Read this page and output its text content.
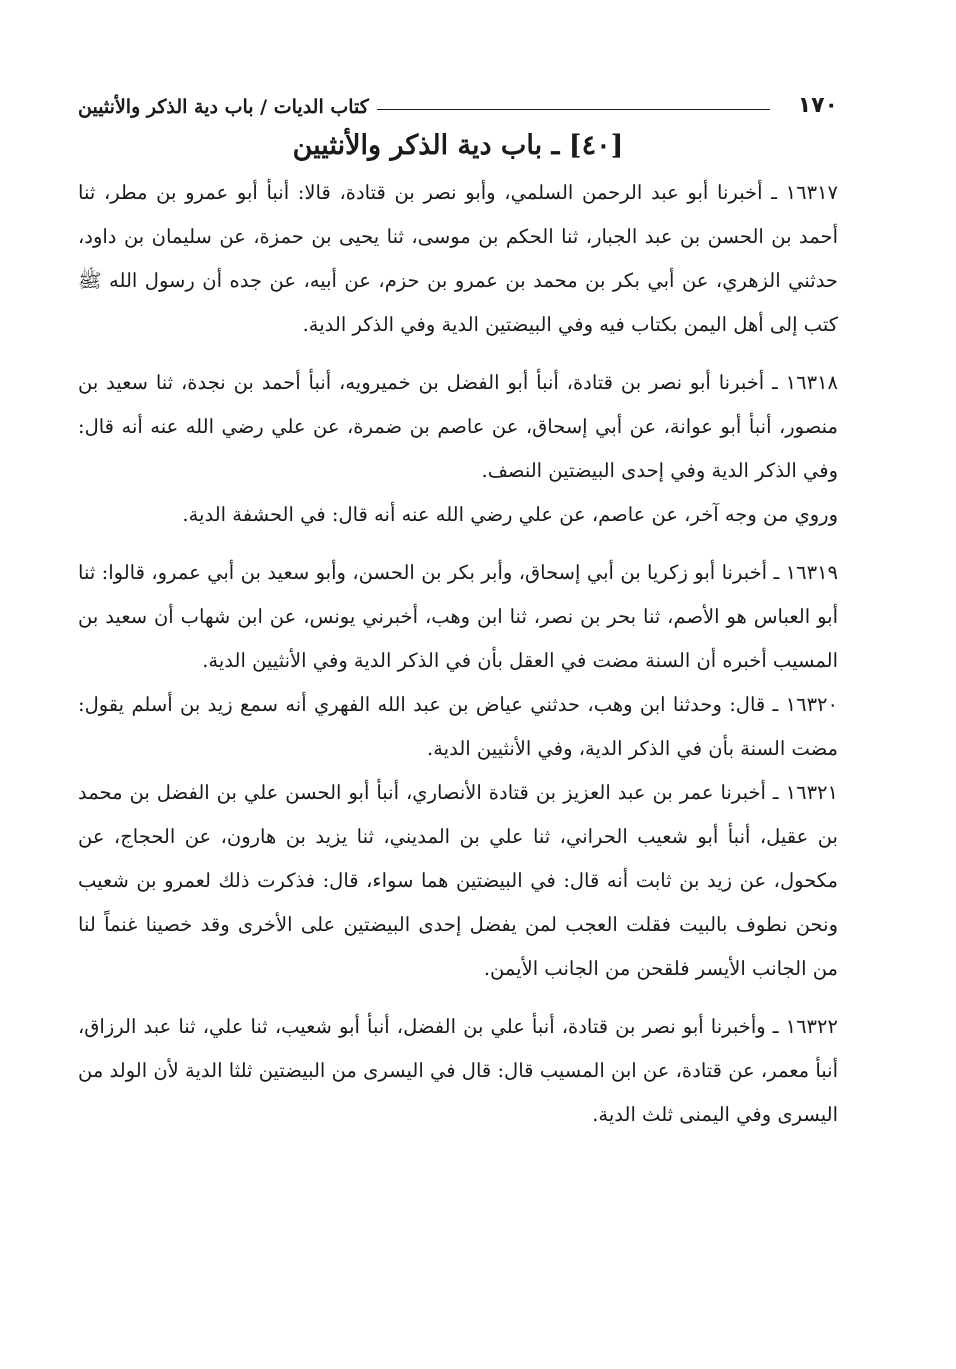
١٧٠
كتاب الديات / باب دية الذكر والأنثيين
[٤٠] ـ باب دية الذكر والأنثيين

١٦٣١٧ ـ أخبرنا أبو عبد الرحمن السلمي، وأبو نصر بن قتادة، قالا: أنبأ أبو عمرو بن مطر، ثنا أحمد بن الحسن بن عبد الجبار، ثنا الحكم بن موسى، ثنا يحيى بن حمزة، عن سليمان بن داود، حدثني الزهري، عن أبي بكر بن محمد بن عمرو بن حزم، عن أبيه، عن جده أن رسول الله ﷺ كتب إلى أهل اليمن بكتاب فيه وفي البيضتين الدية وفي الذكر الدية.

١٦٣١٨ ـ أخبرنا أبو نصر بن قتادة، أنبأ أبو الفضل بن خميرويه، أنبأ أحمد بن نجدة، ثنا سعيد بن منصور، أنبأ أبو عوانة، عن أبي إسحاق، عن عاصم بن ضمرة، عن علي رضي الله عنه أنه قال: وفي الذكر الدية وفي إحدى البيضتين النصف.

وروي من وجه آخر، عن عاصم، عن علي رضي الله عنه أنه قال: في الحشفة الدية.

١٦٣١٩ ـ أخبرنا أبو زكريا بن أبي إسحاق، وأبر بكر بن الحسن، وأبو سعيد بن أبي عمرو، قالوا: ثنا أبو العباس هو الأصم، ثنا بحر بن نصر، ثنا ابن وهب، أخبرني يونس، عن ابن شهاب أن سعيد بن المسيب أخبره أن السنة مضت في العقل بأن في الذكر الدية وفي الأنثيين الدية.

١٦٣٢٠ ـ قال: وحدثنا ابن وهب، حدثني عياض بن عبد الله الفهري أنه سمع زيد بن أسلم يقول: مضت السنة بأن في الذكر الدية، وفي الأنثيين الدية.

١٦٣٢١ ـ أخبرنا عمر بن عبد العزيز بن قتادة الأنصاري، أنبأ أبو الحسن علي بن الفضل بن محمد بن عقيل، أنبأ أبو شعيب الحراني، ثنا علي بن المديني، ثنا يزيد بن هارون، عن الحجاج، عن مكحول، عن زيد بن ثابت أنه قال: في البيضتين هما سواء، قال: فذكرت ذلك لعمرو بن شعيب ونحن نطوف بالبيت فقلت العجب لمن يفضل إحدى البيضتين على الأخرى وقد خصينا غنماً لنا من الجانب الأيسر فلقحن من الجانب الأيمن.

١٦٣٢٢ ـ وأخبرنا أبو نصر بن قتادة، أنبأ علي بن الفضل، أنبأ أبو شعيب، ثنا علي، ثنا عبد الرزاق، أنبأ معمر، عن قتادة، عن ابن المسيب قال: قال في اليسرى من البيضتين ثلثا الدية لأن الولد من اليسرى وفي اليمنى ثلث الدية.
